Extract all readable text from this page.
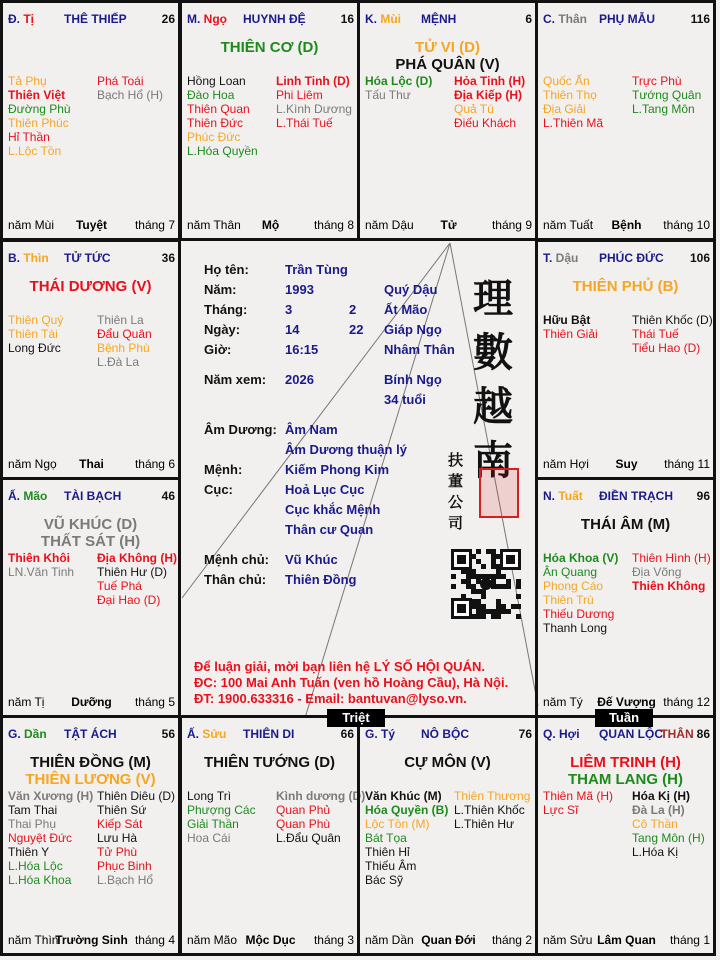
Họ tên:	Trần Tùng
Năm:	1993	Quý Dậu
Tháng:	3	2 Ất Mão
Ngày:	14	22 Giáp Ngọ
Giờ:	16:15	Nhâm Thân
Năm xem: 2026	Bính Ngọ
34 tuổi
Âm Dương: Âm Nam
Âm Dương thuận lý
Mệnh:	Kiếm Phong Kim
Cục:	Hoả Lục Cục
Cục khắc Mệnh
Thân cư Quan
Mệnh chủ: Vũ Khúc
Thân chủ: Thiên Đồng
理數越南
扶董公司
Để luận giải, mời bạn liên hệ LÝ SỐ HỘI QUÁN.
ĐC: 100 Mai Anh Tuấn (ven hồ Hoàng Cầu), Hà Nội.
ĐT: 1900.633316 - Email: bantuvan@lyso.vn.
Đ. Tị THÊ THIẾP	26
Tả Phụ
Thiên Việt
Đường Phù
Thiên Phúc
Hỉ Thần
L.Lộc Tồn
Phá Toái
Bạch Hổ (H)
năm Mùi	Tuyệt	tháng 7
M. Ngọ HUYNH ĐỆ	16
THIÊN CƠ (D)
Hồng Loan
Đào Hoa
Thiên Quan
Thiên Đức
Phúc Đức
L.Hóa Quyền
Linh Tinh (D)
Phi Liêm
L.Kình Dương
L.Thái Tuế
năm Thân	Mộ	tháng 8
K. Mùi MỆNH	6
TỬ VI (D)
PHÁ QUÂN (V)
Hóa Lộc (D)
Tấu Thư
Hỏa Tinh (H)
Địa Kiếp (H)
Quả Tú
Điếu Khách
năm Dậu	Tử	tháng 9
C. Thân PHỤ MẪU	116
Quốc Ấn
Thiên Thọ
Địa Giải
L.Thiên Mã
Trực Phù
Tướng Quân
L.Tang Môn
năm Tuất	Bệnh	tháng 10
B. Thìn TỬ TỨC	36
THÁI DƯƠNG (V)
Thiên Quý
Thiên Tài
Long Đức
Thiên La
Đẩu Quân
Bệnh Phù
L.Đà La
năm Ngọ	Thai	tháng 6
T. Dậu PHÚC ĐỨC 106
THIÊN PHỦ (B)
Hữu Bật
Thiên Giải
Thiên Khốc (D)
Thái Tuế
Tiểu Hao (D)
năm Hợi	Suy	tháng 11
Ấ. Mão TÀI BẠCH	46
VŨ KHÚC (D)
THẤT SÁT (H)
Thiên Khôi
LN.Văn Tinh
Địa Không (H)
Thiên Hư (D)
Tuế Phá
Đại Hao (D)
năm Tị	Dưỡng	tháng 5
N. Tuất ĐIỀN TRẠCH 96
THÁI ÂM (M)
Hóa Khoa (V)
Ân Quang
Phong Cáo
Thiên Trù
Thiếu Dương
Thanh Long
Thiên Hình (H)
Địa Võng
Thiên Không
năm Tý	Đế Vượng tháng 12
G. Dần TẬT ÁCH	56
THIÊN ĐỒNG (M)
THIÊN LƯƠNG (V)
Văn Xương (H)
Tam Thai
Thai Phụ
Nguyệt Đức
Thiên Y
L.Hóa Lộc
L.Hóa Khoa
Thiên Diêu (D)
Thiên Sứ
Kiếp Sát
Lưu Hà
Tử Phù
Phục Binh
L.Bạch Hổ
năm Thìn
Trường Sinh tháng 4
Ấ. Sửu THIÊN DI	66
THIÊN TƯỚNG (D)
Long Trì
Phượng Các
Giải Thần
Hoa Cái
Kình dương (D)
Quan Phủ
Quan Phù
L.Đẩu Quân
năm Mão Mộc Dục	tháng 3
G. Tý NÔ BỘC	76
CỰ MÔN (V)
Văn Khúc (M)
Hóa Quyền (B)
Lộc Tồn (M)
Bát Tọa
Thiên Hỉ
Thiếu Âm
Bác Sỹ
Thiên Thương
L.Thiên Khốc
L.Thiên Hư
năm Dần Quan Đới	tháng 2
Q. Hợi QUAN LỘC
THÂN 86
LIÊM TRINH (H)
THAM LANG (H)
Thiên Mã (H)
Lực Sĩ
Hóa Kị (H)
Đà La (H)
Cô Thần
Tang Môn (H)
L.Hóa Kị
năm Sửu Lâm Quan	tháng 1
Triệt	Tuần
